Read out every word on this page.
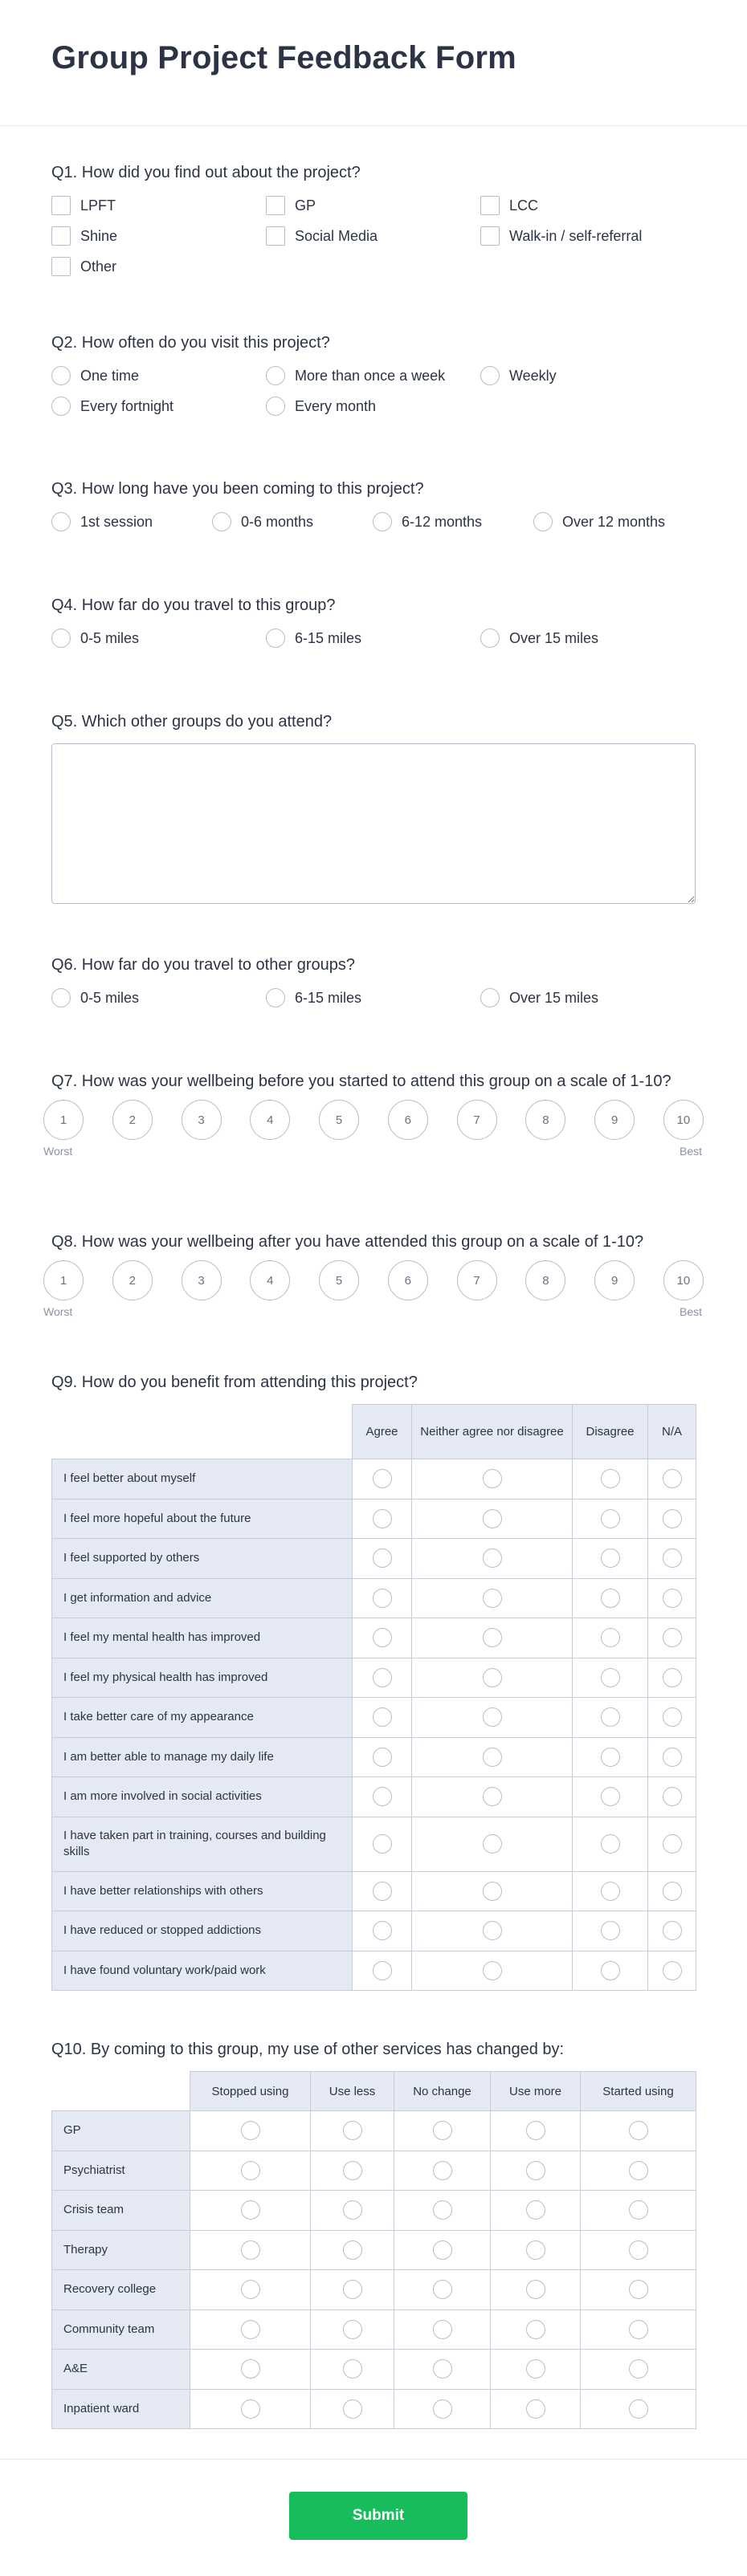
Group Project Feedback Form
Q1. How did you find out about the project?
LPFT	GP	LCC
Shine	Social Media	Walk-in / self-referral
Other
Q2. How often do you visit this project?
One time	More than once a week	Weekly
Every fortnight	Every month
Q3. How long have you been coming to this project?
1st session	0-6 months	6-12 months	Over 12 months
Q4. How far do you travel to this group?
0-5 miles	6-15 miles	Over 15 miles
Q5. Which other groups do you attend?
Q6. How far do you travel to other groups?
0-5 miles	6-15 miles	Over 15 miles
Q7. How was your wellbeing before you started to attend this group on a scale of 1-10?
1	2	3	4	5	6	7	8	9	10
Worst	Best
Q8. How was your wellbeing after you have attended this group on a scale of 1-10?
1	2	3	4	5	6	7	8	9	10
Worst	Best
Q9. How do you benefit from attending this project?
	Agree	Neither agree nor disagree	Disagree	N/A
I feel better about myself				
I feel more hopeful about the future				
I feel supported by others				
I get information and advice				
I feel my mental health has improved				
I feel my physical health has improved				
I take better care of my appearance				
I am better able to manage my daily life				
I am more involved in social activities				
I have taken part in training, courses and building skills				
I have better relationships with others				
I have reduced or stopped addictions				
I have found voluntary work/paid work				
Q10. By coming to this group, my use of other services has changed by:
	Stopped using	Use less	No change	Use more	Started using
GP					
Psychiatrist					
Crisis team					
Therapy					
Recovery college					
Community team					
A&E					
Inpatient ward					
Submit
